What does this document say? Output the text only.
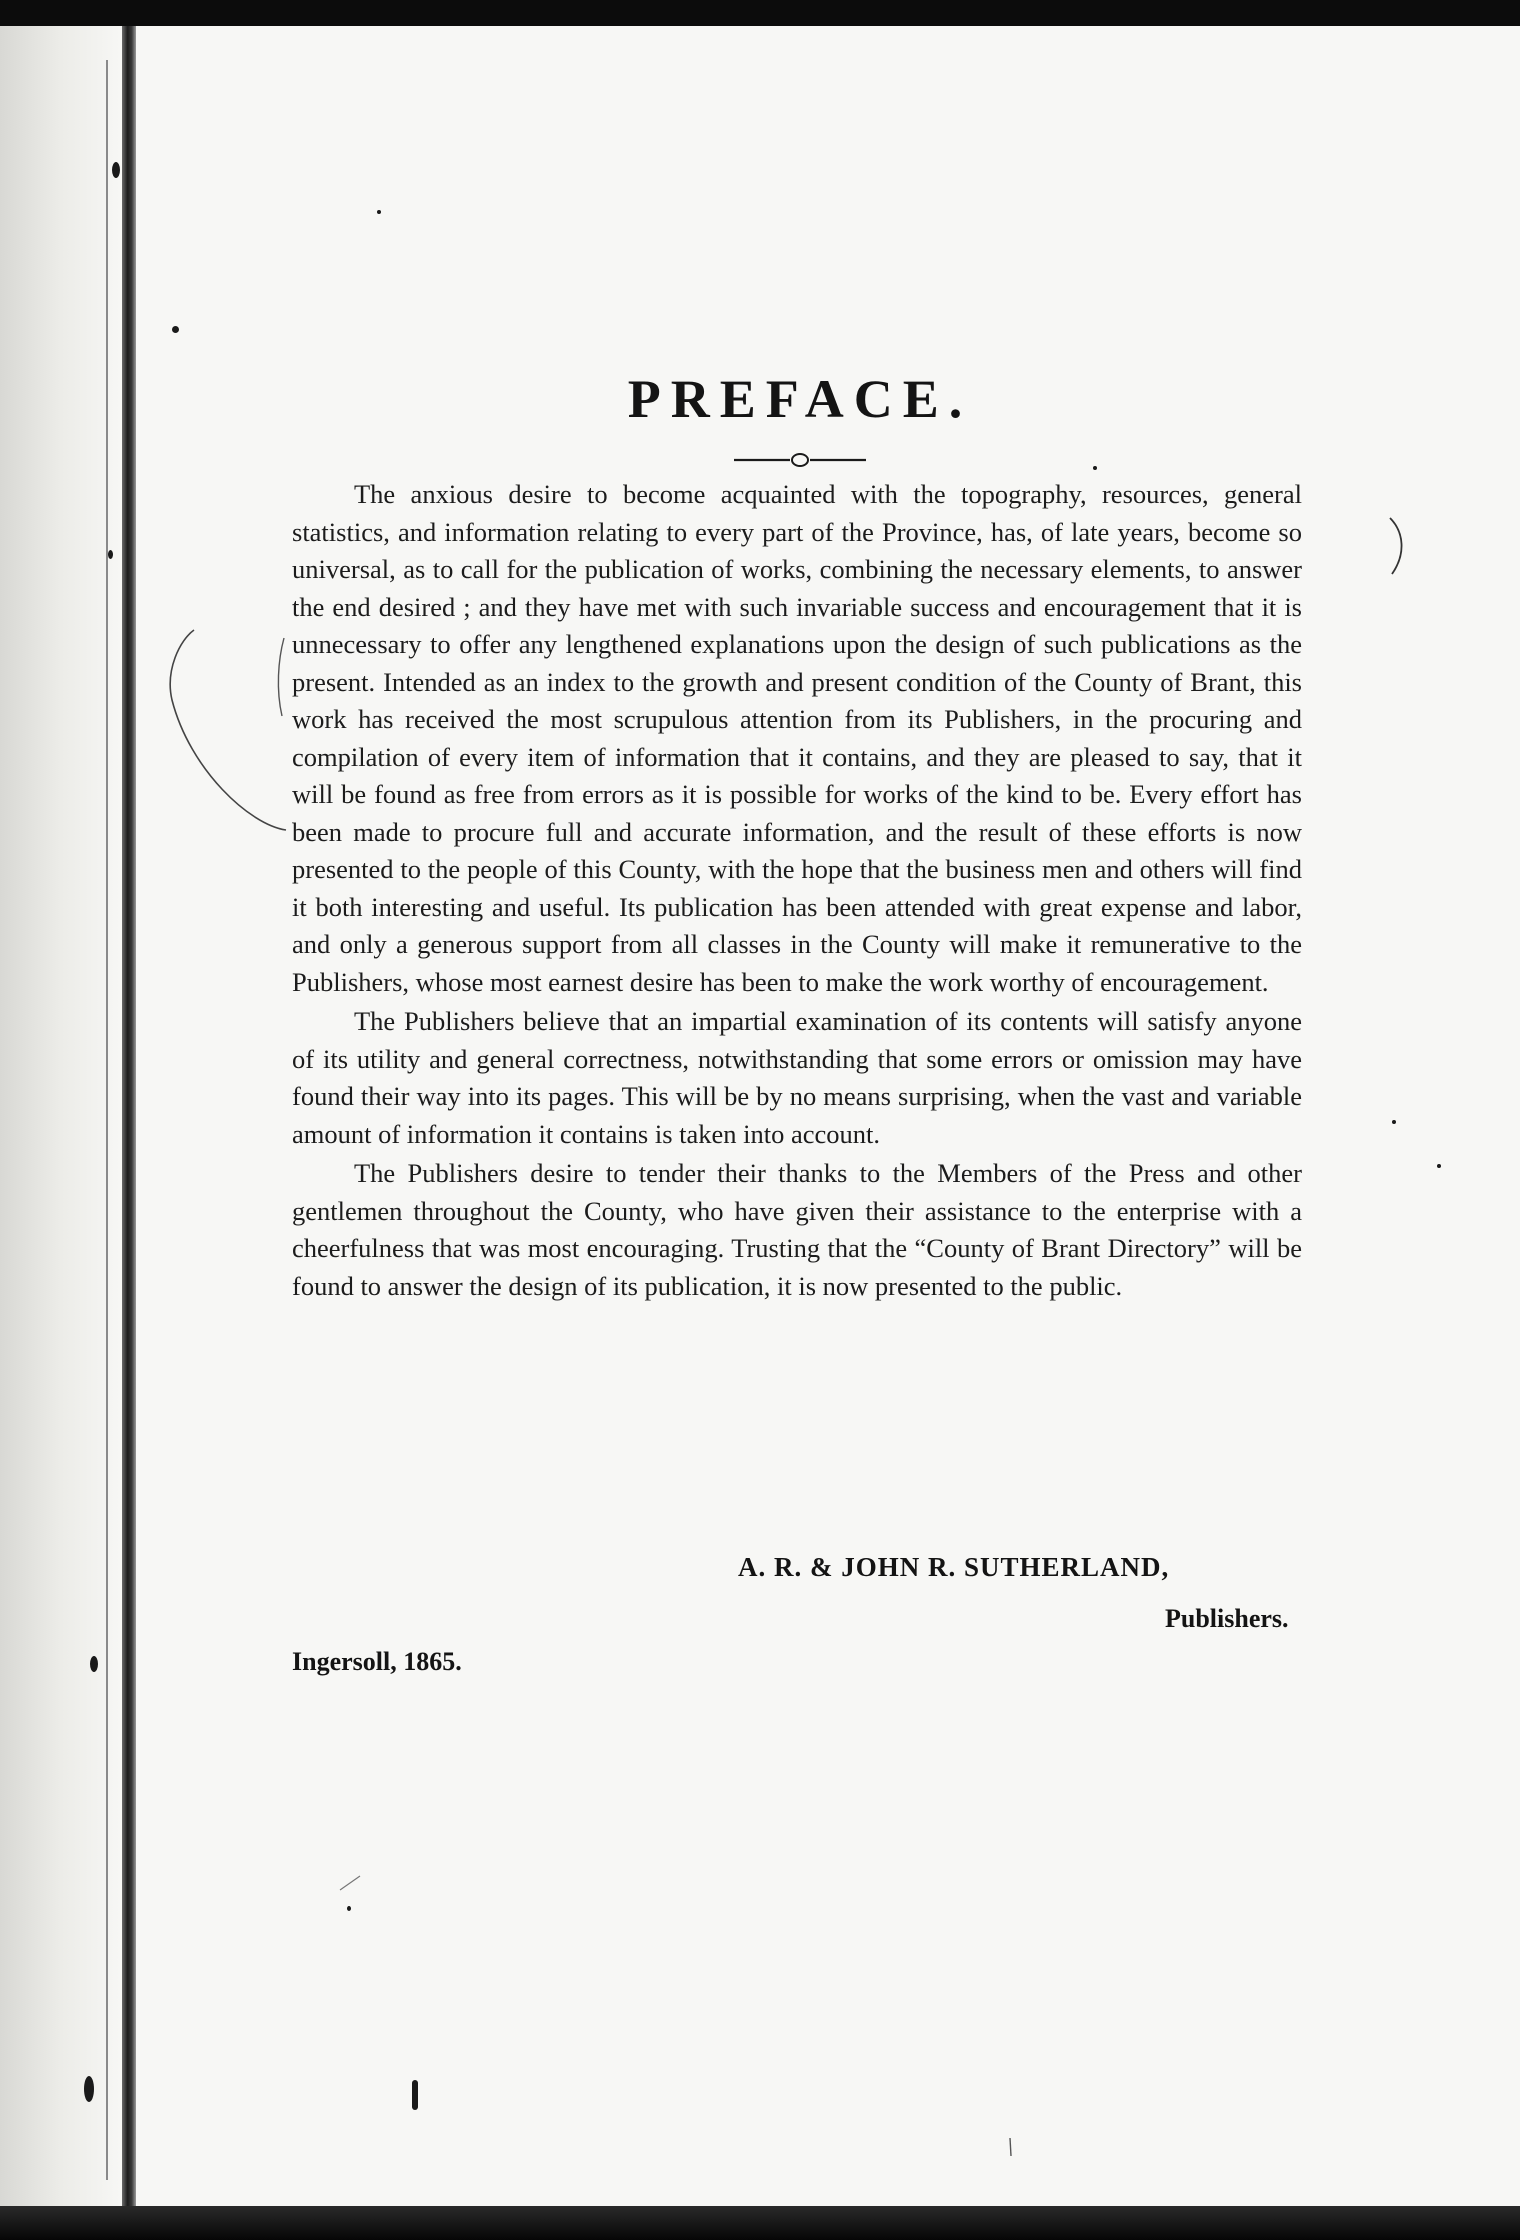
PREFACE.

The anxious desire to become acquainted with the topography, resources, general statistics, and information relating to every part of the Province, has, of late years, become so universal, as to call for the publication of works, combining the necessary elements, to answer the end desired ; and they have met with such invariable success and encouragement that it is unnecessary to offer any lengthened explanations upon the design of such publications as the present. Intended as an index to the growth and present condition of the County of Brant, this work has received the most scrupulous attention from its Publishers, in the procuring and compilation of every item of information that it contains, and they are pleased to say, that it will be found as free from errors as it is possible for works of the kind to be. Every effort has been made to procure full and accurate information, and the result of these efforts is now presented to the people of this County, with the hope that the business men and others will find it both interesting and useful. Its publication has been attended with great expense and labor, and only a generous support from all classes in the County will make it remunerative to the Publishers, whose most earnest desire has been to make the work worthy of encouragement.

The Publishers believe that an impartial examination of its contents will satisfy anyone of its utility and general correctness, notwithstanding that some errors or omission may have found their way into its pages. This will be by no means surprising, when the vast and variable amount of information it contains is taken into account.

The Publishers desire to tender their thanks to the Members of the Press and other gentlemen throughout the County, who have given their assistance to the enterprise with a cheerfulness that was most encouraging. Trusting that the “County of Brant Directory” will be found to answer the design of its publication, it is now presented to the public.

A. R. & JOHN R. SUTHERLAND,

Publishers.

Ingersoll, 1865.
